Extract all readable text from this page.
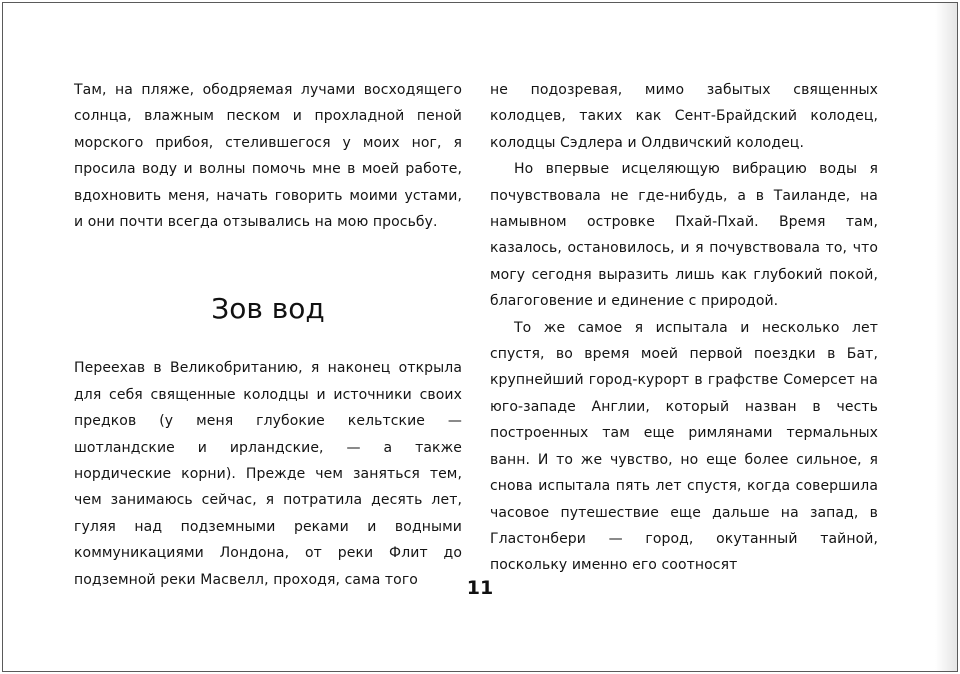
Там, на пляже, ободряемая лучами восходящего солнца, влажным песком и прохладной пеной морского прибоя, стелившегося у моих ног, я просила воду и волны помочь мне в моей работе, вдохновить меня, начать говорить моими устами, и они почти всегда отзывались на мою просьбу.

Зов вод

Переехав в Великобританию, я наконец открыла для себя священные колодцы и источники своих предков (у меня глубокие кельтские — шотландские и ирландские, — а также нордические корни). Прежде чем заняться тем, чем занимаюсь сейчас, я потратила десять лет, гуляя над подземными реками и водными коммуникациями Лондона, от реки Флит до подземной реки Масвелл, проходя, сама того

не подозревая, мимо забытых священных колодцев, таких как Сент-Брайдский колодец, колодцы Сэдлера и Олдвичский колодец.

Но впервые исцеляющую вибрацию воды я почувствовала не где-нибудь, а в Таиланде, на намывном островке Пхай-Пхай. Время там, казалось, остановилось, и я почувствовала то, что могу сегодня выразить лишь как глубокий покой, благоговение и единение с природой.

То же самое я испытала и несколько лет спустя, во время моей первой поездки в Бат, крупнейший город-курорт в графстве Сомерсет на юго-западе Англии, который назван в честь построенных там еще римлянами термальных ванн. И то же чувство, но еще более сильное, я снова испытала пять лет спустя, когда совершила часовое путешествие еще дальше на запад, в Гластонбери — город, окутанный тайной, поскольку именно его соотносят

11
